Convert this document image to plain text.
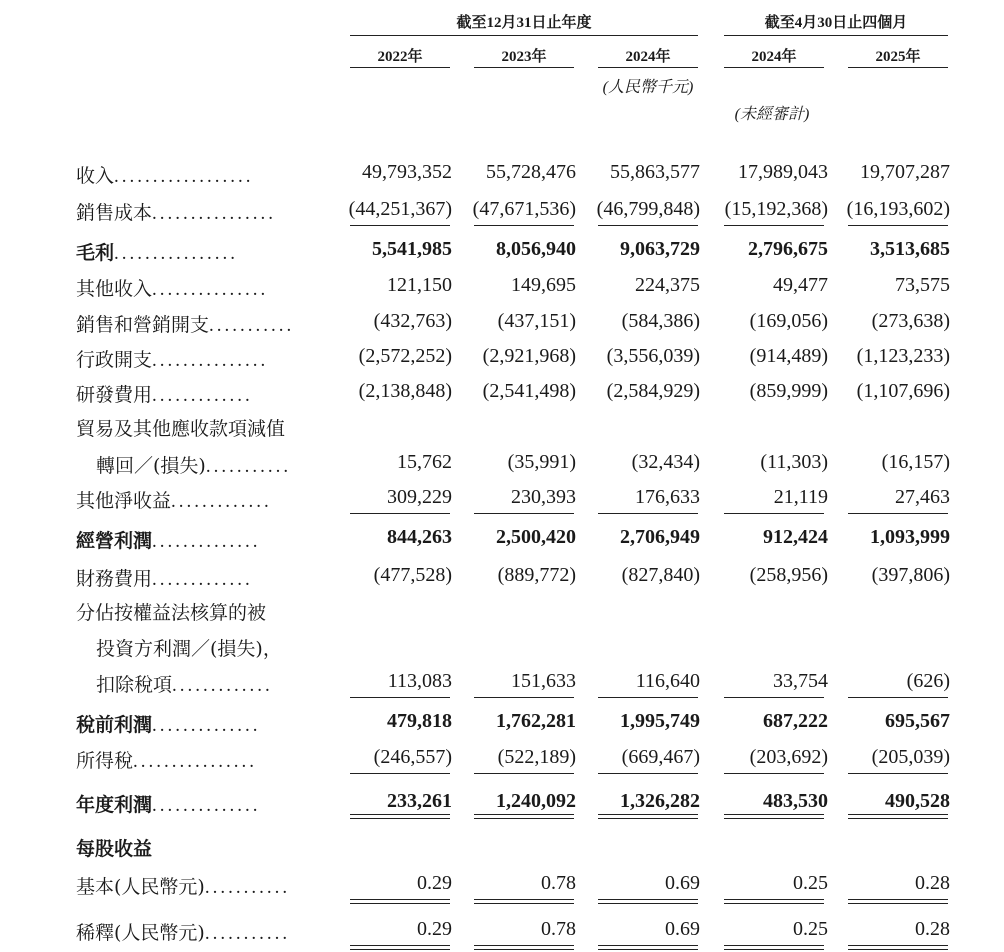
截至12月31日止年度	截至4月30日止四個月
2022年	2023年	2024年	2024年	2025年
(人民幣千元)
(未經審計)
收入..................	49,793,352	55,728,476	55,863,577	17,989,043	19,707,287
銷售成本................	(44,251,367)	(47,671,536)	(46,799,848)	(15,192,368) (16,193,602)
毛利................	5,541,985	8,056,940	9,063,729	2,796,675	3,513,685
其他收入...............	121,150	149,695	224,375	49,477	73,575
銷售和營銷開支...........	(432,763)	(437,151)	(584,386)	(169,056)	(273,638)
行政開支...............	(2,572,252)	(2,921,968)	(3,556,039)	(914,489)	(1,123,233)
研發費用.............	(2,138,848)	(2,541,498)	(2,584,929)	(859,999)	(1,107,696)
貿易及其他應收款項減值
轉回／(損失)...........	15,762	(35,991)	(32,434)	(11,303)	(16,157)
其他淨收益.............	309,229	230,393	176,633	21,119	27,463
經營利潤..............	844,263	2,500,420	2,706,949	912,424	1,093,999
財務費用.............	(477,528)	(889,772)	(827,840)	(258,956)	(397,806)
分佔按權益法核算的被
投資方利潤／(損失)，
扣除稅項.............	113,083	151,633	116,640	33,754	(626)
稅前利潤..............	479,818	1,762,281	1,995,749	687,222	695,567
所得稅................	(246,557)	(522,189)	(669,467)	(203,692)	(205,039)
年度利潤..............	233,261	1,240,092	1,326,282	483,530	490,528
每股收益
基本(人民幣元)...........	0.29	0.78	0.69	0.25	0.28
稀釋(人民幣元)...........	0.29	0.78	0.69	0.25	0.28
